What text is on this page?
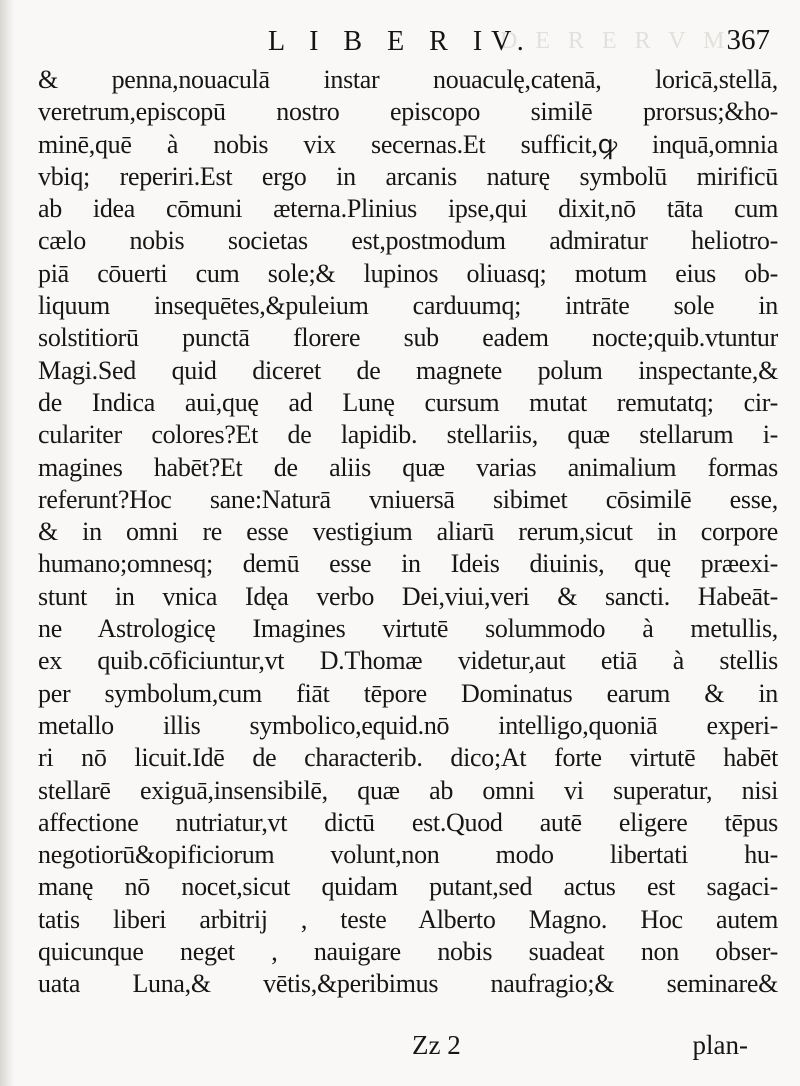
D E R E R V M
L I B E R IV.	367
& penna,nouaculā instar nouaculę,catenā, loricā,stellā,
veretrum,episcopū nostro episcopo similē prorsus;&ho-
minē,quē à nobis vix secernas.Et sufficit,ꝙ inquā,omnia
vbiq; reperiri.Est ergo in arcanis naturę symbolū mirificū
ab idea cōmuni æterna.Plinius ipse,qui dixit,nō tāta cum
cælo nobis societas est,postmodum admiratur heliotro-
piā cōuerti cum sole;& lupinos oliuasq; motum eius ob-
liquum insequētes,&puleium carduumq; intrāte sole in
solstitiorū punctā florere sub eadem nocte;quib.vtuntur
Magi.Sed quid diceret de magnete polum inspectante,&
de Indica aui,quę ad Lunę cursum mutat remutatq; cir-
culariter colores?Et de lapidib. stellariis, quæ stellarum i-
magines habēt?Et de aliis quæ varias animalium formas
referunt?Hoc sane:Naturā vniuersā sibimet cōsimilē esse,
& in omni re esse vestigium aliarū rerum,sicut in corpore
humano;omnesq; demū esse in Ideis diuinis, quę prӕexi-
stunt in vnica Idęa verbo Dei,viui,veri & sancti. Habeāt-
ne Astrologicę Imagines virtutē solummodo à metullis,
ex quib.cōficiuntur,vt D.Thomæ videtur,aut etiā à stellis
per symbolum,cum fiāt tēpore Dominatus earum & in
metallo illis symbolico,equid.nō intelligo,quoniā experi-
ri nō licuit.Idē de characterib. dico;At forte virtutē habēt
stellarē exiguā,insensibilē, quæ ab omni vi superatur, nisi
affectione nutriatur,vt dictū est.Quod autē eligere tēpus
negotiorū&opificiorum volunt,non modo libertati hu-
manę nō nocet,sicut quidam putant,sed actus est sagaci-
tatis liberi arbitrij , teste Alberto Magno. Hoc autem
quicunque neget , nauigare nobis suadeat non obser-
uata Luna,& vētis,&peribimus naufragio;& seminare&
Zz 2	plan-
